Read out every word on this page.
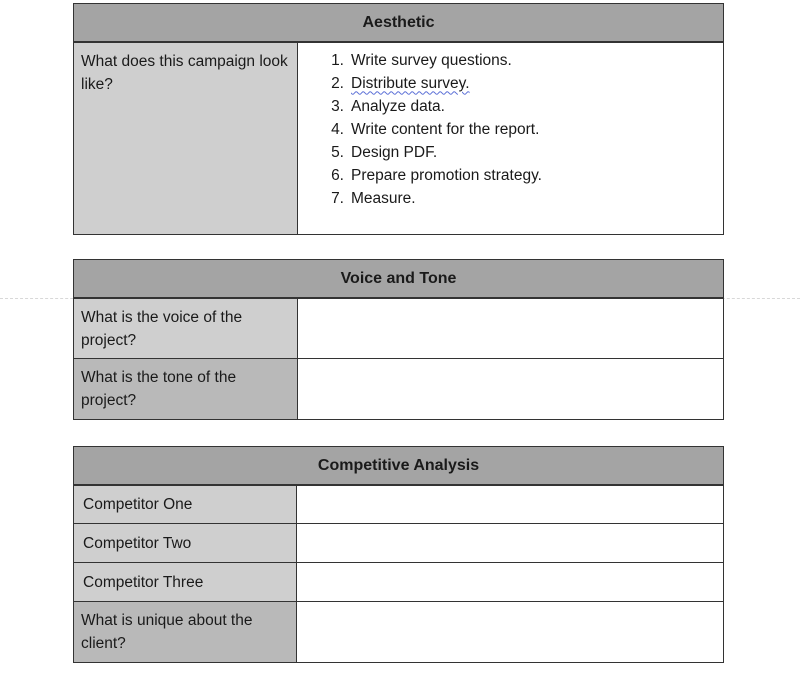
Aesthetic
What does this campaign look like?	
1. Write survey questions.
2. Distribute survey.
3. Analyze data.
4. Write content for the report.
5. Design PDF.
6. Prepare promotion strategy.
7. Measure.
Voice and Tone	
What is the voice of the project?	
What is the tone of the project?	
Competitive Analysis	
Competitor One	
Competitor Two	
Competitor Three	
What is unique about the client?	
